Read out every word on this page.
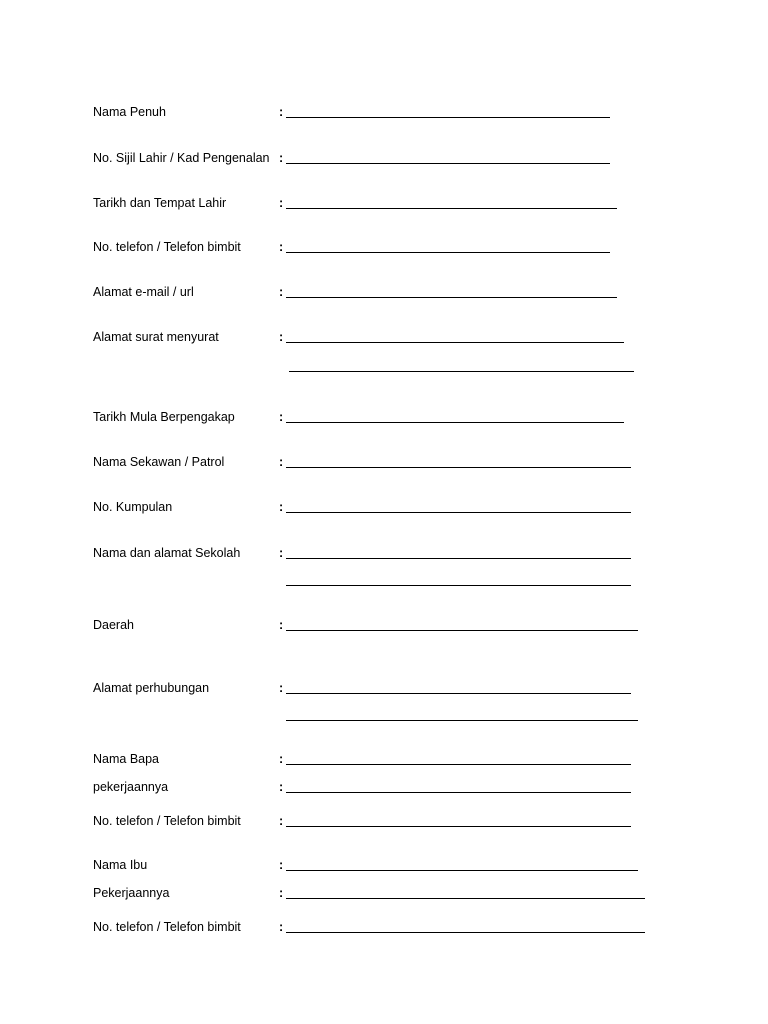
Nama Penuh	:
No. Sijil Lahir / Kad Pengenalan :
Tarikh dan Tempat Lahir	:
No. telefon / Telefon bimbit	:
Alamat e-mail / url	:
Alamat surat menyurat	:
Tarikh Mula Berpengakap	:
Nama Sekawan / Patrol	:
No. Kumpulan	:
Nama dan alamat Sekolah	:
Daerah	:
Alamat perhubungan	:
Nama Bapa	:
pekerjaannya	:
No. telefon / Telefon bimbit	:
Nama Ibu	:
Pekerjaannya	:
No. telefon / Telefon bimbit	:
